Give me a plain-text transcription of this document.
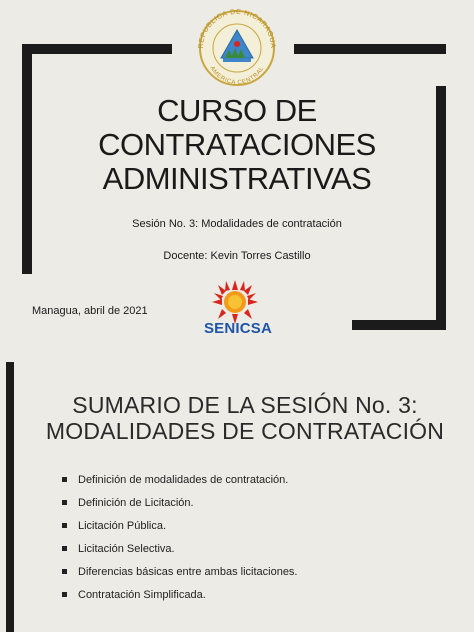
REPUBLICA DE NICARAGUA
AMERICA CENTRAL
CURSO DE
CONTRATACIONES
ADMINISTRATIVAS
Sesión No. 3: Modalidades de contratación
Docente: Kevin Torres Castillo
Managua, abril de 2021
SENICSA
SUMARIO DE LA SESIÓN No. 3:
MODALIDADES DE CONTRATACIÓN
Definición de modalidades de contratación.
Definición de Licitación.
Licitación Pública.
Licitación Selectiva.
Diferencias básicas entre ambas licitaciones.
Contratación Simplificada.
